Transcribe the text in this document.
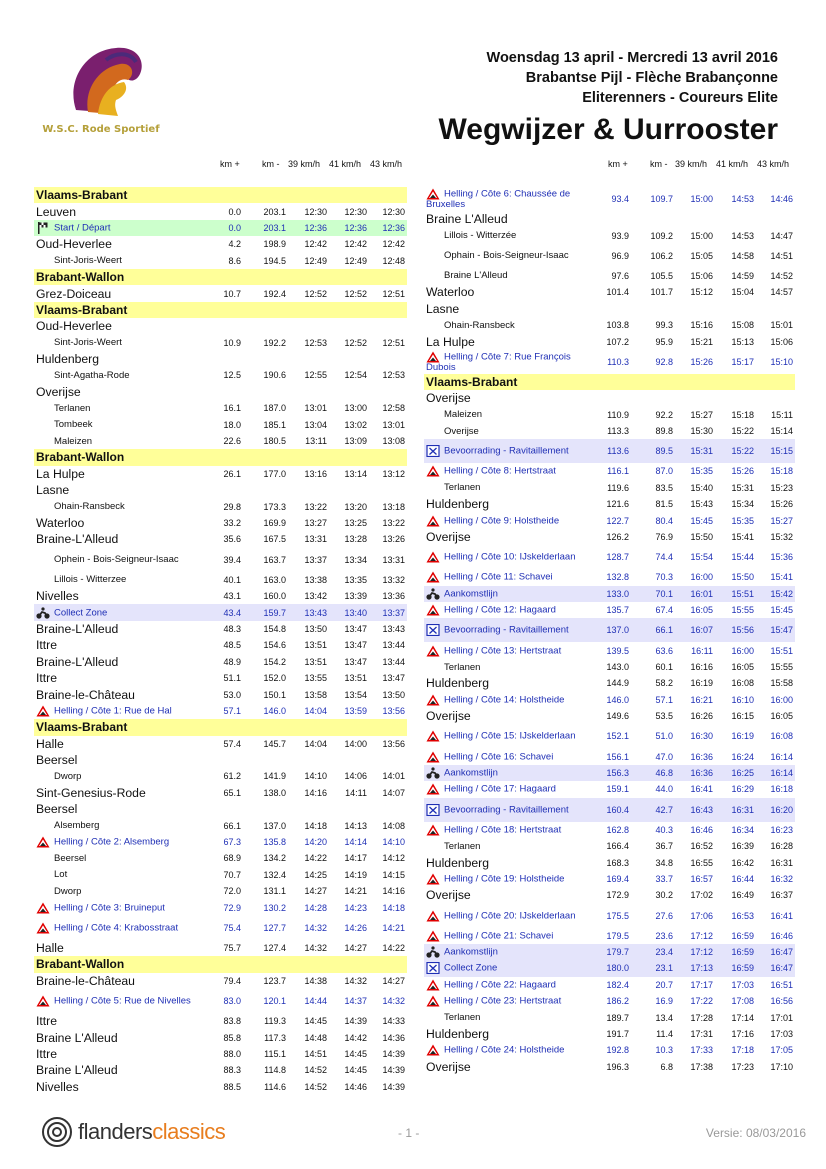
W.S.C. Rode Sportief
Woensdag 13 april - Mercredi 13 avril 2016
Brabantse Pijl - Flèche Brabançonne
Eliterenners - Coureurs Elite
Wegwijzer & Uurrooster
km + km - 39 km/h 41 km/h 43 km/h	km + km - 39 km/h 41 km/h 43 km/h
Vlaams-Brabant					
Leuven	0.0	203.1	12:30	12:30	12:30

Start / Départ	0.0	203.1	12:36	12:36	12:36
Oud-Heverlee	4.2	198.9	12:42	12:42	12:42
Sint-Joris-Weert	8.6	194.5	12:49	12:49	12:48
Brabant-Wallon					
Grez-Doiceau	10.7	192.4	12:52	12:52	12:51
Vlaams-Brabant					
Oud-Heverlee					
Sint-Joris-Weert	10.9	192.2	12:53	12:52	12:51
Huldenberg					
Sint-Agatha-Rode	12.5	190.6	12:55	12:54	12:53
Overijse					
Terlanen	16.1	187.0	13:01	13:00	12:58
Tombeek	18.0	185.1	13:04	13:02	13:01
Maleizen	22.6	180.5	13:11	13:09	13:08
Brabant-Wallon					
La Hulpe	26.1	177.0	13:16	13:14	13:12
Lasne					
Ohain-Ransbeck	29.8	173.3	13:22	13:20	13:18
Waterloo	33.2	169.9	13:27	13:25	13:22
Braine-L'Alleud	35.6	167.5	13:31	13:28	13:26
Ophein - Bois-Seigneur-Isaac	39.4	163.7	13:37	13:34	13:31
Lillois - Witterzee	40.1	163.0	13:38	13:35	13:32
Nivelles	43.1	160.0	13:42	13:39	13:36

Collect Zone	43.4	159.7	13:43	13:40	13:37
Braine-L'Alleud	48.3	154.8	13:50	13:47	13:43
Ittre	48.5	154.6	13:51	13:47	13:44
Braine-L'Alleud	48.9	154.2	13:51	13:47	13:44
Ittre	51.1	152.0	13:55	13:51	13:47
Braine-le-Château	53.0	150.1	13:58	13:54	13:50

Helling / Côte 1: Rue de Hal	57.1	146.0	14:04	13:59	13:56
Vlaams-Brabant					
Halle	57.4	145.7	14:04	14:00	13:56
Beersel					
Dworp	61.2	141.9	14:10	14:06	14:01
Sint-Genesius-Rode	65.1	138.0	14:16	14:11	14:07
Beersel					
Alsemberg	66.1	137.0	14:18	14:13	14:08

Helling / Côte 2: Alsemberg	67.3	135.8	14:20	14:14	14:10
Beersel	68.9	134.2	14:22	14:17	14:12
Lot	70.7	132.4	14:25	14:19	14:15
Dworp	72.0	131.1	14:27	14:21	14:16

Helling / Côte 3: Bruineput	72.9	130.2	14:28	14:23	14:18

Helling / Côte 4: Krabosstraat	75.4	127.7	14:32	14:26	14:21
Halle	75.7	127.4	14:32	14:27	14:22
Brabant-Wallon					
Braine-le-Château	79.4	123.7	14:38	14:32	14:27

Helling / Côte 5: Rue de Nivelles	83.0	120.1	14:44	14:37	14:32
Ittre	83.8	119.3	14:45	14:39	14:33
Braine L'Alleud	85.8	117.3	14:48	14:42	14:36
Ittre	88.0	115.1	14:51	14:45	14:39
Braine L'Alleud	88.3	114.8	14:52	14:45	14:39
Nivelles	88.5	114.6	14:52	14:46	14:39
Helling / Côte 6: Chaussée de Bruxelles	93.4	109.7	15:00	14:53	14:46
Braine L'Alleud					
Lillois - Witterzée	93.9	109.2	15:00	14:53	14:47
Ophain - Bois-Seigneur-Isaac	96.9	106.2	15:05	14:58	14:51
Braine L'Alleud	97.6	105.5	15:06	14:59	14:52
Waterloo	101.4	101.7	15:12	15:04	14:57
Lasne					
Ohain-Ransbeck	103.8	99.3	15:16	15:08	15:01
La Hulpe	107.2	95.9	15:21	15:13	15:06

Helling / Côte 7: Rue François Dubois	110.3	92.8	15:26	15:17	15:10
Vlaams-Brabant					
Overijse					
Maleizen	110.9	92.2	15:27	15:18	15:11
Overijse	113.3	89.8	15:30	15:22	15:14

Bevoorrading - Ravitaillement	113.6	89.5	15:31	15:22	15:15

Helling / Côte 8: Hertstraat	116.1	87.0	15:35	15:26	15:18
Terlanen	119.6	83.5	15:40	15:31	15:23
Huldenberg	121.6	81.5	15:43	15:34	15:26

Helling / Côte 9: Holstheide	122.7	80.4	15:45	15:35	15:27
Overijse	126.2	76.9	15:50	15:41	15:32

Helling / Côte 10: IJskelderlaan	128.7	74.4	15:54	15:44	15:36

Helling / Côte 11: Schavei	132.8	70.3	16:00	15:50	15:41

Aankomstlijn	133.0	70.1	16:01	15:51	15:42

Helling / Côte 12: Hagaard	135.7	67.4	16:05	15:55	15:45

Bevoorrading - Ravitaillement	137.0	66.1	16:07	15:56	15:47

Helling / Côte 13: Hertstraat	139.5	63.6	16:11	16:00	15:51
Terlanen	143.0	60.1	16:16	16:05	15:55
Huldenberg	144.9	58.2	16:19	16:08	15:58

Helling / Côte 14: Holstheide	146.0	57.1	16:21	16:10	16:00
Overijse	149.6	53.5	16:26	16:15	16:05

Helling / Côte 15: IJskelderlaan	152.1	51.0	16:30	16:19	16:08

Helling / Côte 16: Schavei	156.1	47.0	16:36	16:24	16:14

Aankomstlijn	156.3	46.8	16:36	16:25	16:14

Helling / Côte 17: Hagaard	159.1	44.0	16:41	16:29	16:18

Bevoorrading - Ravitaillement	160.4	42.7	16:43	16:31	16:20

Helling / Côte 18: Hertstraat	162.8	40.3	16:46	16:34	16:23
Terlanen	166.4	36.7	16:52	16:39	16:28
Huldenberg	168.3	34.8	16:55	16:42	16:31

Helling / Côte 19: Holstheide	169.4	33.7	16:57	16:44	16:32
Overijse	172.9	30.2	17:02	16:49	16:37

Helling / Côte 20: IJskelderlaan	175.5	27.6	17:06	16:53	16:41

Helling / Côte 21: Schavei	179.5	23.6	17:12	16:59	16:46

Aankomstlijn	179.7	23.4	17:12	16:59	16:47

Collect Zone	180.0	23.1	17:13	16:59	16:47

Helling / Côte 22: Hagaard	182.4	20.7	17:17	17:03	16:51

Helling / Côte 23: Hertstraat	186.2	16.9	17:22	17:08	16:56
Terlanen	189.7	13.4	17:28	17:14	17:01
Huldenberg	191.7	11.4	17:31	17:16	17:03

Helling / Côte 24: Holstheide	192.8	10.3	17:33	17:18	17:05
Overijse	196.3	6.8	17:38	17:23	17:10
flandersclassics	- 1 -	Versie: 08/03/2016
